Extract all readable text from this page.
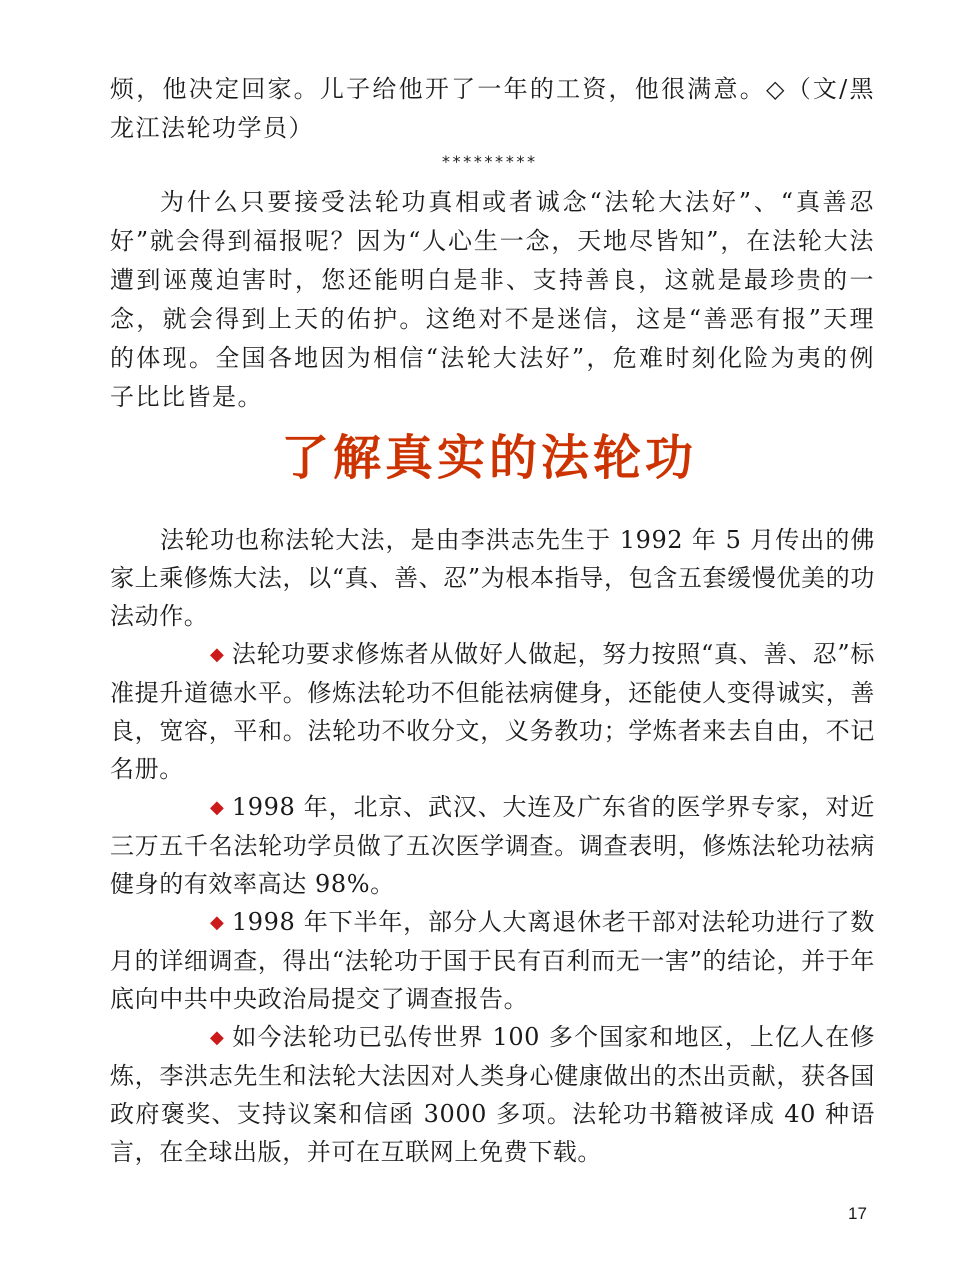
烦，他决定回家。儿子给他开了一年的工资，他很满意。◇（文/黑龙江法轮功学员）

*********

为什么只要接受法轮功真相或者诚念“法轮大法好”、“真善忍好”就会得到福报呢？因为“人心生一念，天地尽皆知”，在法轮大法遭到诬蔑迫害时，您还能明白是非、支持善良，这就是最珍贵的一念，就会得到上天的佑护。这绝对不是迷信，这是“善恶有报”天理的体现。全国各地因为相信“法轮大法好”，危难时刻化险为夷的例子比比皆是。

了解真实的法轮功

法轮功也称法轮大法，是由李洪志先生于 1992 年 5 月传出的佛家上乘修炼大法，以“真、善、忍”为根本指导，包含五套缓慢优美的功法动作。

◆ 法轮功要求修炼者从做好人做起，努力按照“真、善、忍”标准提升道德水平。修炼法轮功不但能祛病健身，还能使人变得诚实，善良，宽容，平和。法轮功不收分文，义务教功；学炼者来去自由，不记名册。

◆ 1998 年，北京、武汉、大连及广东省的医学界专家，对近三万五千名法轮功学员做了五次医学调查。调查表明，修炼法轮功祛病健身的有效率高达 98%。

◆ 1998 年下半年，部分人大离退休老干部对法轮功进行了数月的详细调查，得出“法轮功于国于民有百利而无一害”的结论，并于年底向中共中央政治局提交了调查报告。

◆ 如今法轮功已弘传世界 100 多个国家和地区，上亿人在修炼，李洪志先生和法轮大法因对人类身心健康做出的杰出贡献，获各国政府褒奖、支持议案和信函 3000 多项。法轮功书籍被译成 40 种语言，在全球出版，并可在互联网上免费下载。

17
